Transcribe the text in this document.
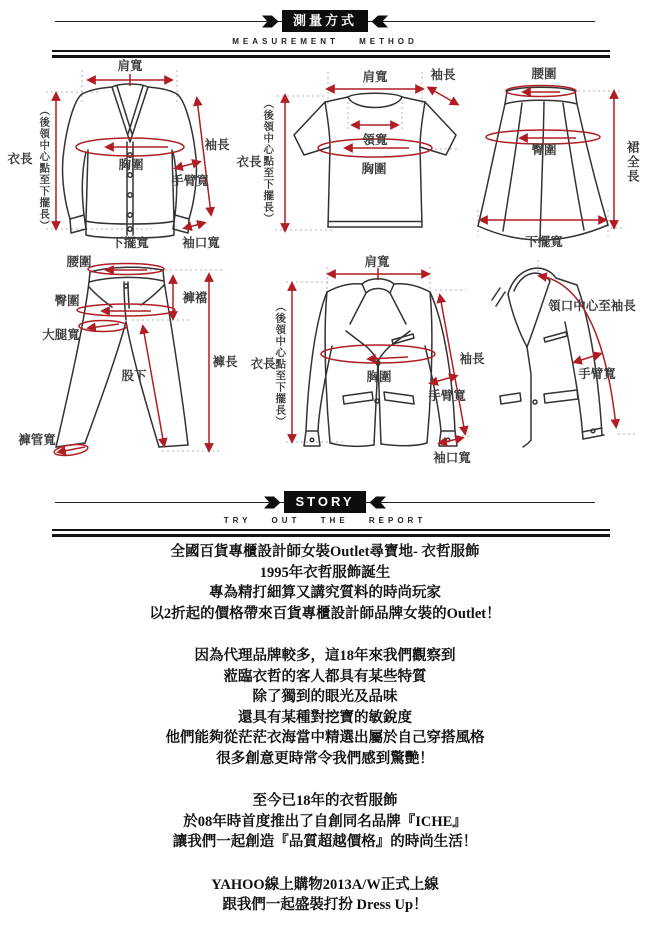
測量方式
MEASUREMENT METHOD
肩寬
衣長 （後領中心點至下擺長）	胸圍
袖長
手臂寬
下擺寬	袖口寬
肩寬	袖長
領寬
胸圍
衣長 （後領中心點至下擺長）
腰圍
臀圍	裙全長
下擺寬
腰圍
臀圍	褲襠
大腿寬
股下
褲長
褲管寬
肩寬
衣長
（後領中心點至下擺長）	胸圍
袖長
手臂寬
袖口寬
領口中心至袖長
手臂寬
STORY
TRY OUT THE REPORT
全國百貨專櫃設計師女裝Outlet尋寶地- 衣哲服飾
1995年衣哲服飾誕生
專為精打細算又講究質料的時尚玩家
以2折起的價格帶來百貨專櫃設計師品牌女裝的Outlet！
因為代理品牌較多，這18年來我們觀察到
蒞臨衣哲的客人都具有某些特質
除了獨到的眼光及品味
還具有某種對挖寶的敏銳度
他們能夠從茫茫衣海當中精選出屬於自己穿搭風格
很多創意更時常令我們感到驚艷！
至今已18年的衣哲服飾
於08年時首度推出了自創同名品牌『ICHE』
讓我們一起創造『品質超越價格』的時尚生活！
YAHOO線上購物2013A/W正式上線
跟我們一起盛裝打扮 Dress Up！
